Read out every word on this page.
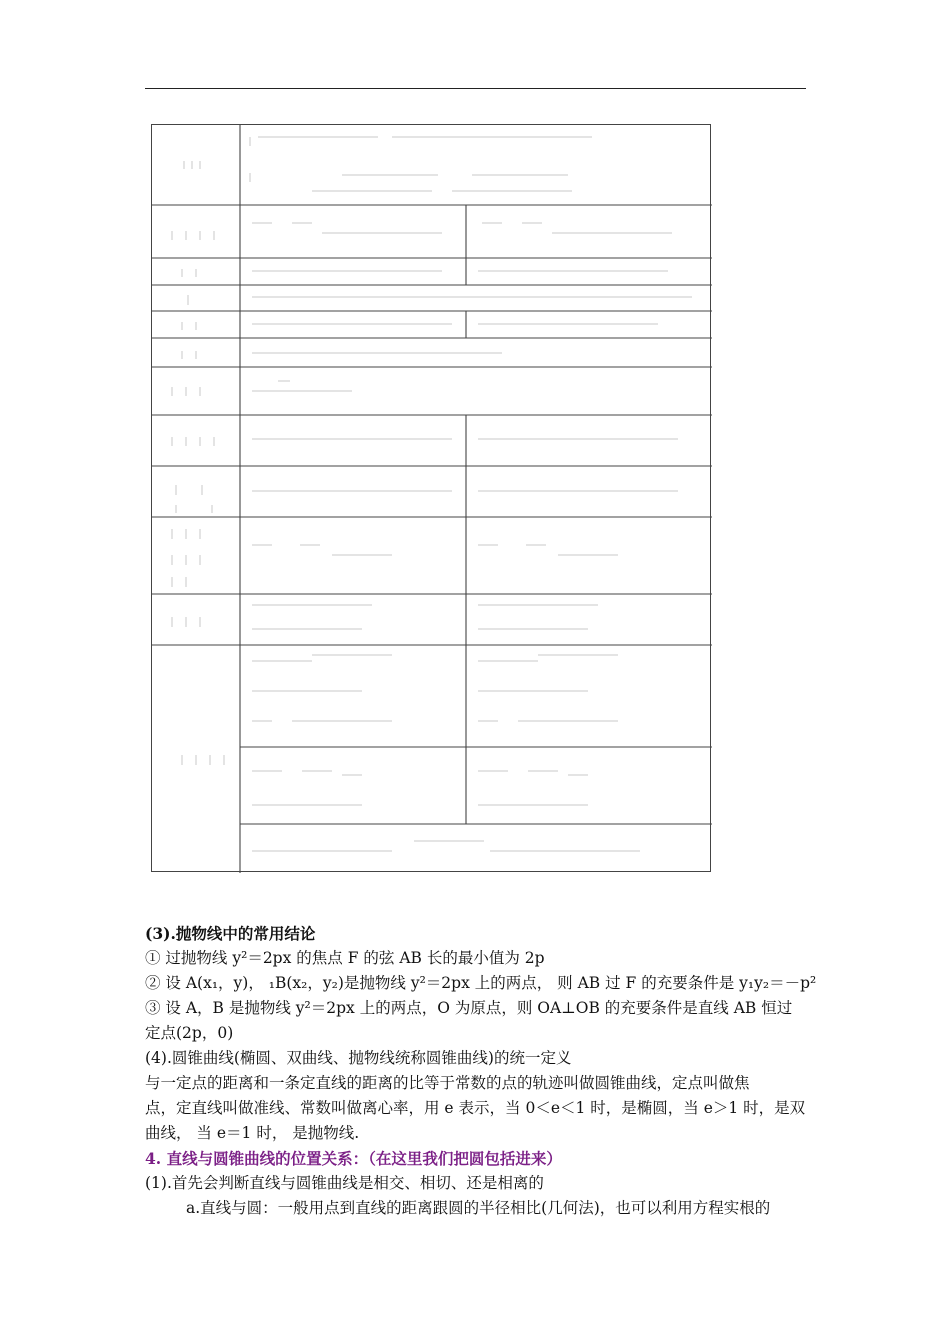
(3).抛物线中的常用结论
① 过抛物线 y²＝2px 的焦点 F 的弦 AB 长的最小值为 2p
② 设 A(x₁，y)， ₁B(x₂，y₂)是抛物线 y²＝2px 上的两点， 则 AB 过 F 的充要条件是 y₁y₂＝－p²
③ 设 A，B 是抛物线 y²＝2px 上的两点，O 为原点，则 OA⊥OB 的充要条件是直线 AB 恒过
定点(2p，0)
(4).圆锥曲线(椭圆、双曲线、抛物线统称圆锥曲线)的统一定义
与一定点的距离和一条定直线的距离的比等于常数的点的轨迹叫做圆锥曲线，定点叫做焦
点，定直线叫做准线、常数叫做离心率，用 e 表示，当 0＜e＜1 时，是椭圆，当 e＞1 时，是双
曲线， 当 e＝1 时， 是抛物线.
4. 直线与圆锥曲线的位置关系：（在这里我们把圆包括进来）
(1).首先会判断直线与圆锥曲线是相交、相切、还是相离的
a.直线与圆：一般用点到直线的距离跟圆的半径相比(几何法)，也可以利用方程实根的
